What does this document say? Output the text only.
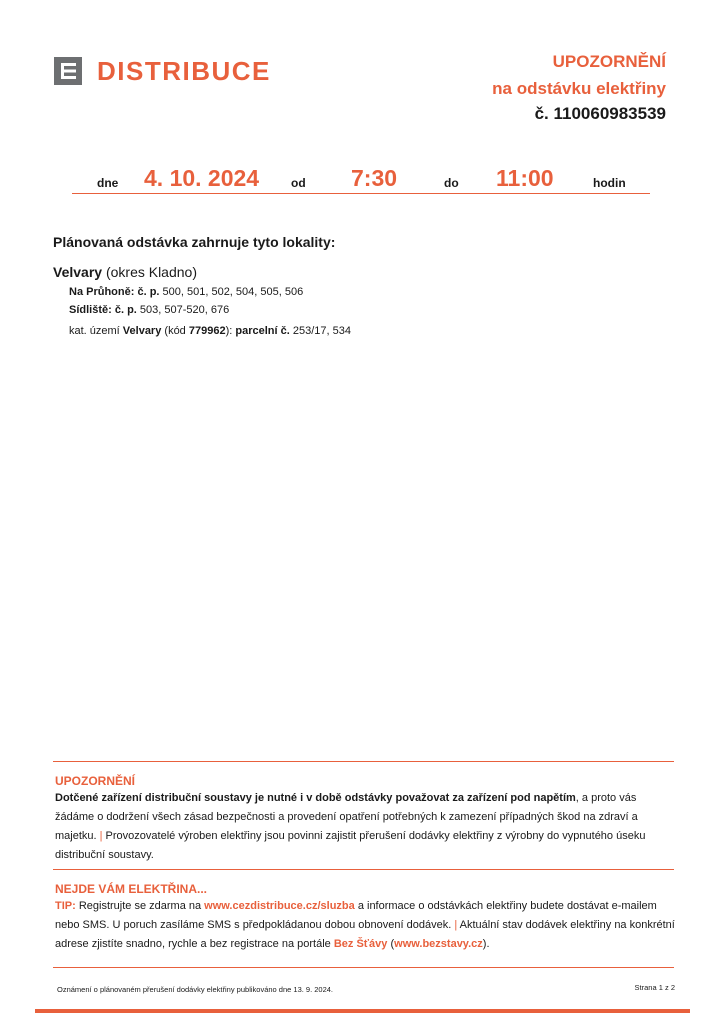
DISTRIBUCE	UPOZORNĚNÍ
na odstávku elektřiny
č. 110060983539
dne 4. 10. 2024	od 7:30	do 11:00	hodin
Plánovaná odstávka zahrnuje tyto lokality:
Velvary (okres Kladno)
Na Průhoně: č. p. 500, 501, 502, 504, 505, 506
Sídliště: č. p. 503, 507-520, 676
kat. území Velvary (kód 779962): parcelní č. 253/17, 534
UPOZORNĚNÍ
Dotčené zařízení distribuční soustavy je nutné i v době odstávky považovat za zařízení pod napětím, a proto vás žádáme o dodržení všech zásad bezpečnosti a provedení opatření potřebných k zamezení případných škod na zdraví a majetku. | Provozovatelé výroben elektřiny jsou povinni zajistit přerušení dodávky elektřiny z výrobny do vypnutého úseku distribuční soustavy.
NEJDE VÁM ELEKTŘINA...
TIP: Registrujte se zdarma na www.cezdistribuce.cz/sluzba a informace o odstávkách elektřiny budete dostávat e-mailem nebo SMS. U poruch zasíláme SMS s předpokládanou dobou obnovení dodávek. | Aktuální stav dodávek elektřiny na konkrétní adrese zjistíte snadno, rychle a bez registrace na portále Bez Šťávy (www.bezstavy.cz).
Oznámení o plánovaném přerušení dodávky elektřiny publikováno dne 13. 9. 2024.	Strana 1 z 2
